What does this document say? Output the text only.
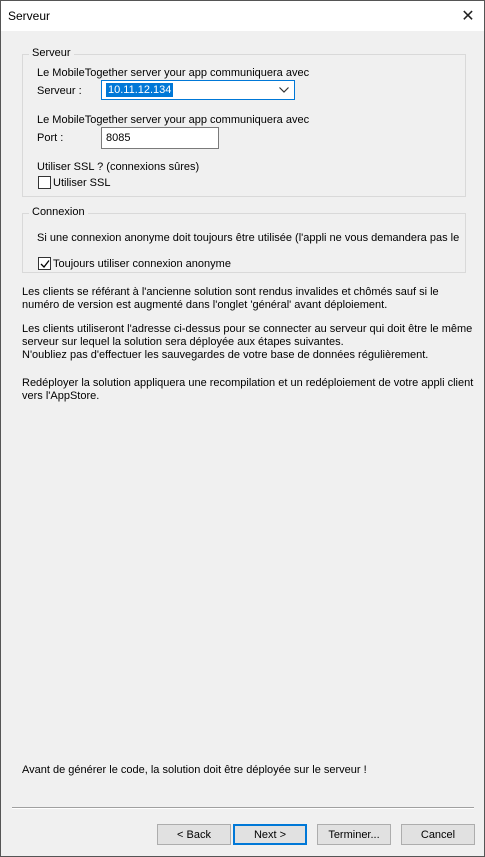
Serveur	✕
Serveur
Le MobileTogether server your app communiquera avec
Serveur : 10.11.12.134
Le MobileTogether server your app communiquera avec
Port :
8085
Utiliser SSL ? (connexions sûres)
Utiliser SSL
Connexion
Si une connexion anonyme doit toujours être utilisée (l'appli ne vous demandera pas le
Toujours utiliser connexion anonyme
Les clients se référant à l'ancienne solution sont rendus invalides et chômés sauf si le
numéro de version est augmenté dans l'onglet 'général' avant déploiement.
Les clients utiliseront l'adresse ci-dessus pour se connecter au serveur qui doit être le même
serveur sur lequel la solution sera déployée aux étapes suivantes.
N'oubliez pas d'effectuer les sauvegardes de votre base de données régulièrement.
Redéployer la solution appliquera une recompilation et un redéploiement de votre appli client
vers l'AppStore.
Avant de générer le code, la solution doit être déployée sur le serveur !
< Back	Next >	Terminer...	Cancel
